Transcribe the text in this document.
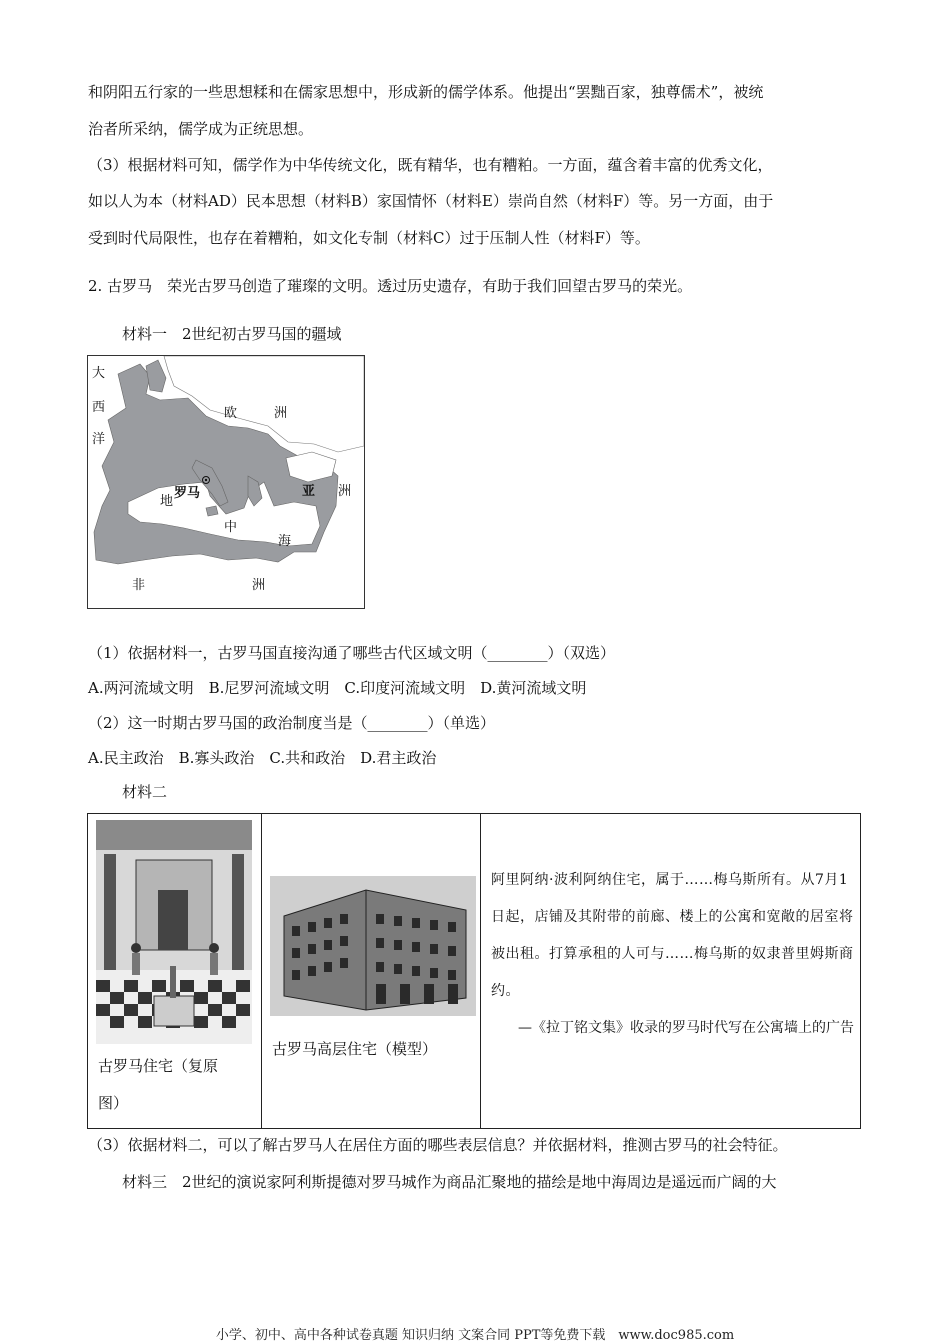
和阴阳五行家的一些思想糅和在儒家思想中，形成新的儒学体系。他提出“罢黜百家，独尊儒术”，被统
治者所采纳，儒学成为正统思想。
（3）根据材料可知，儒学作为中华传统文化，既有精华，也有糟粕。一方面，蕴含着丰富的优秀文化，
如以人为本（材料AD）民本思想（材料B）家国情怀（材料E）崇尚自然（材料F）等。另一方面，由于
受到时代局限性，也存在着糟粕，如文化专制（材料C）过于压制人性（材料F）等。
2. 古罗马　荣光古罗马创造了璀璨的文明。透过历史遗存，有助于我们回望古罗马的荣光。
材料一　2世纪初古罗马国的疆域
大
西
洋
欧	洲
罗马
地
中
海
亚 洲
非	洲
（1）依据材料一，古罗马国直接沟通了哪些古代区域文明（________）（双选）
A.两河流域文明　B.尼罗河流域文明　C.印度河流域文明　D.黄河流域文明
（2）这一时期古罗马国的政治制度当是（________）（单选）
A.民主政治　B.寡头政治　C.共和政治　D.君主政治
材料二
古罗马住宅（复原
图）
古罗马高层住宅（模型）
阿里阿纳·波利阿纳住宅，属于……梅乌斯所有。从7月1日起，店铺及其附带的前廊、楼上的公寓和宽敞的居室将被出租。打算承租的人可与……梅乌斯的奴隶普里姆斯商约。
—《拉丁铭文集》收录的罗马时代写在公寓墙上的广告
（3）依据材料二，可以了解古罗马人在居住方面的哪些表层信息？并依据材料，推测古罗马的社会特征。
材料三　2世纪的演说家阿利斯提德对罗马城作为商品汇聚地的描绘是地中海周边是遥远而广阔的大
小学、初中、高中各种试卷真题 知识归纳 文案合同 PPT等免费下载　www.doc985.com
